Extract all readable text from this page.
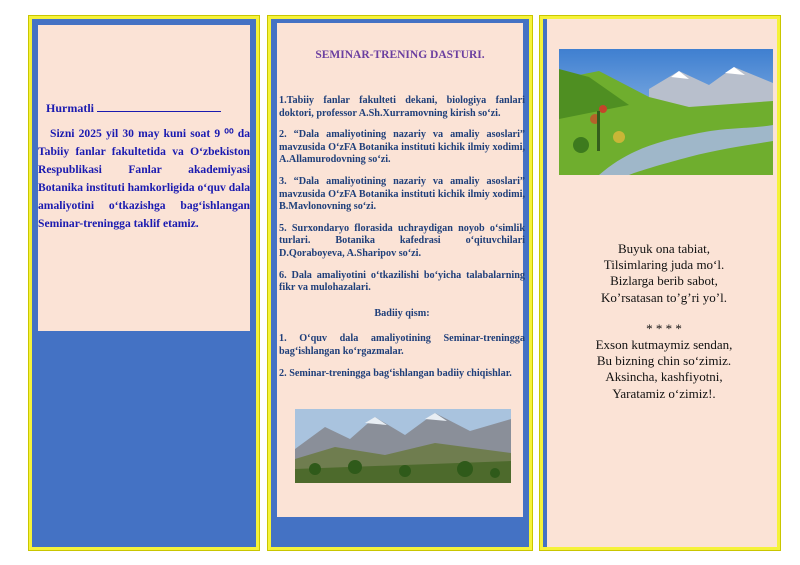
Hurmatli
Sizni 2025 yil 30 may kuni soat 9 ⁰⁰ da Tabiiy fanlar fakultetida va O‘zbekiston Respublikasi Fanlar akademiyasi Botanika instituti hamkorligida o‘quv dala amaliyotini o‘tkazishga bag‘ishlangan Seminar-treningga taklif etamiz.
SEMINAR-TRENING DASTURI.

1.Tabiiy fanlar fakulteti dekani, biologiya fanlari doktori, professor A.Sh.Xurramovning kirish so‘zi.

2. “Dala amaliyotining nazariy va amaliy asoslari” mavzusida O‘zFA Botanika instituti kichik ilmiy xodimi, A.Allamurodovning so‘zi.

3. “Dala amaliyotining nazariy va amaliy asoslari” mavzusida O‘zFA Botanika instituti kichik ilmiy xodimi, B.Mavlonovning so‘zi.

5. Surxondaryo florasida uchraydigan noyob o‘simlik turlari. Botanika kafedrasi o‘qituvchilari D.Qoraboyeva, A.Sharipov so‘zi.

6. Dala amaliyotini o‘tkazilishi bo‘yicha talabalarning fikr va mulohazalari.

Badiiy qism:

1. O‘quv dala amaliyotining Seminar-treningga bag‘ishlangan ko‘rgazmalar.

2. Seminar-treningga bag‘ishlangan badiiy chiqishlar.

Buyuk ona tabiat,
Tilsimlaring juda mo‘l.
Bizlarga berib sabot,
Ko’rsatasan to’g’ri yo’l.
* * * *
Exson kutmaymiz sendan,
Bu bizning chin so‘zimiz.
Aksincha, kashfiyotni,
Yaratamiz o‘zimiz!.
